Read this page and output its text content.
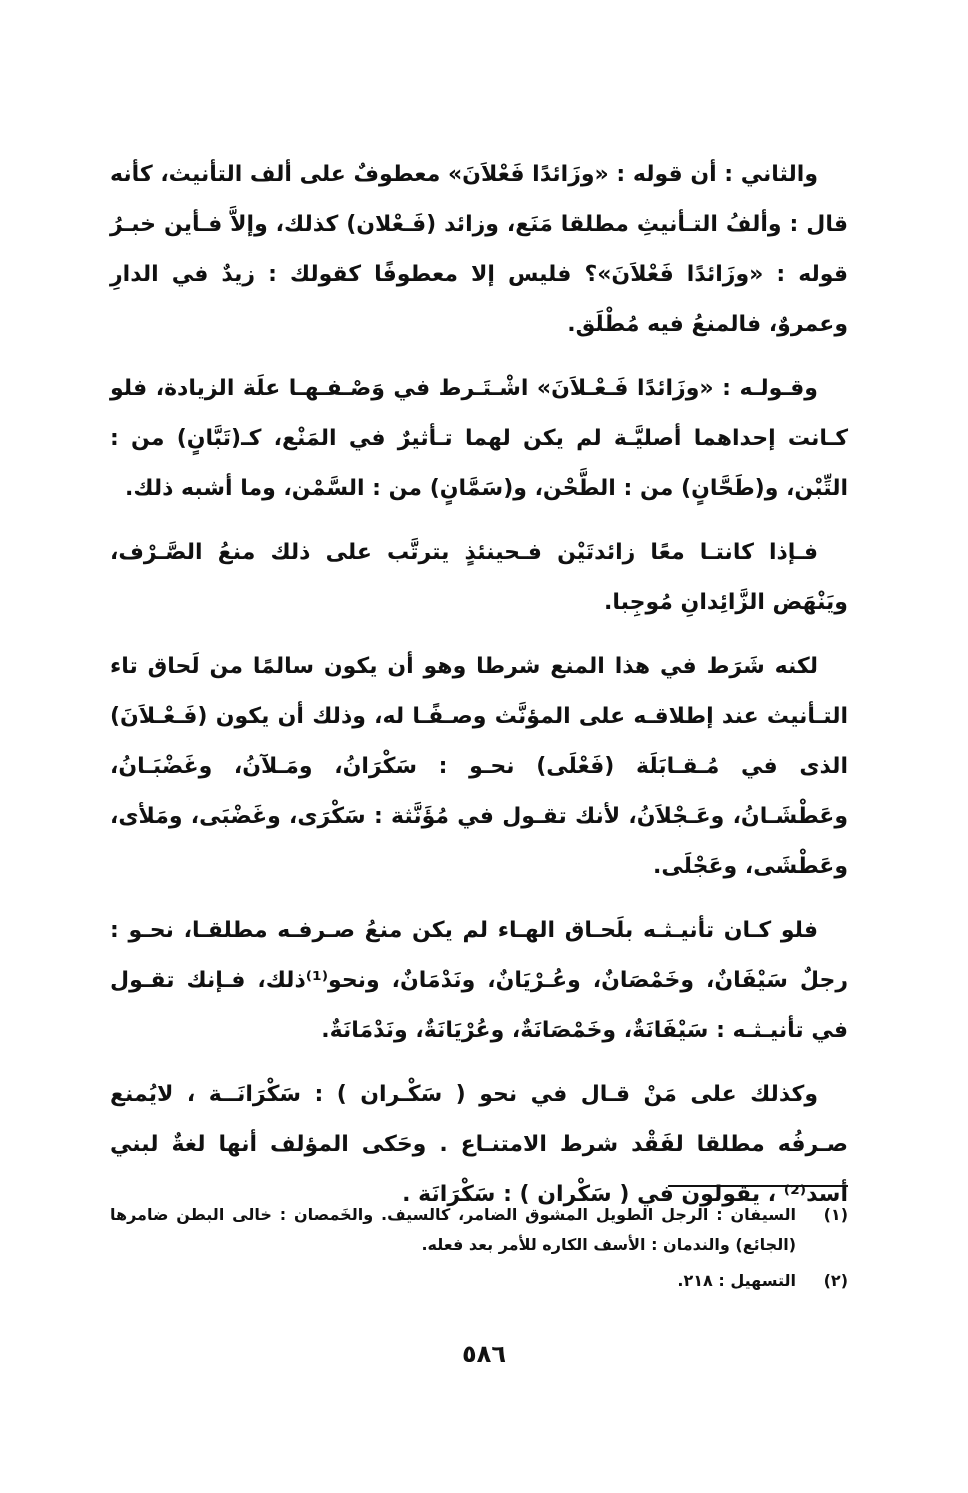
والثاني : أن قوله : «وزَائدًا فَعْلاَنَ» معطوفٌ على ألف التأنيث، كأنه قال : وألفُ التـأنيثِ مطلقا مَنَع، وزائد (فَـعْلان) كذلك، وإلاَّ فـأين خبـرُ قوله : «وزَائدًا فَعْلاَنَ»؟ فليس إلا معطوفًا كقولك : زيدٌ في الدارِ وعمروٌ، فالمنعُ فيه مُطْلَق.

وقـولـه : «وزَائدًا فَـعْـلاَنَ» اشْـتَـرط في وَصْـفـهـا علَة الزيادة، فلو كـانت إحداهما أصليَّـة لم يكن لهما تـأثيرٌ في المَنْع، كـ(تَبَّانٍ) من : التِّبْن، و(طَحَّانٍ) من : الطَّحْن، و(سَمَّانٍ) من : السَّمْن، وما أشبه ذلك.

فـإذا كانتـا معًا زائدتَيْن فـحينئذٍ يترتَّب على ذلك منعُ الصَّـرْف، ويَنْهَض الزَّائِدانِ مُوجِبا.

لكنه شَرَط في هذا المنع شرطا وهو أن يكون سالمًا من لَحاق تاء التـأنيث عند إطلاقـه على المؤنَّث وصـفًـا له، وذلك أن يكون (فَـعْـلاَنَ) الذى في مُـقـابَلَة (فَعْلَى) نحـو : سَكْرَانُ، ومَـلآنُ، وغَضْبَـانُ، وعَطْشَـانُ، وعَـجْلاَنُ، لأنك تقـول في مُؤَنَّثة : سَكْرَى، وغَضْبَى، ومَلأى، وعَطْشَى، وعَجْلَى.

فلو كـان تأنيـثـه بلَحـاق الهـاء لم يكن منعُ صـرفـه مطلقـا، نحـو : رجلٌ سَيْفَانٌ، وخَمْصَانٌ، وعُـرْيَانٌ، ونَدْمَانٌ، ونحو⁽¹⁾ذلك، فـإنك تقـول في تأنيـثـه : سَيْفَانَةٌ، وخَمْصَانَةٌ، وعُرْيَانَةٌ، ونَدْمَانَةٌ.

وكذلك على مَنْ قـال في نحو ( سَكْـران ) : سَكْرَانَــة ، لايُمنع صـرفُه مطلقا لفَقْد شرط الامتنـاع . وحَكى المؤلف أنها لغةٌ لبني أسد⁽²⁾ ، يقولون في ( سَكْران ) : سَكْرَانَة .

(١)
السيفان : الرجل الطويل المشوق الضامر، كالسيف. والخَمصان : خالى البطن ضامرها (الجائع) والندمان : الأسف الكاره للأمر بعد فعله.
(٢)
التسهيل : ٢١٨.
٥٨٦
